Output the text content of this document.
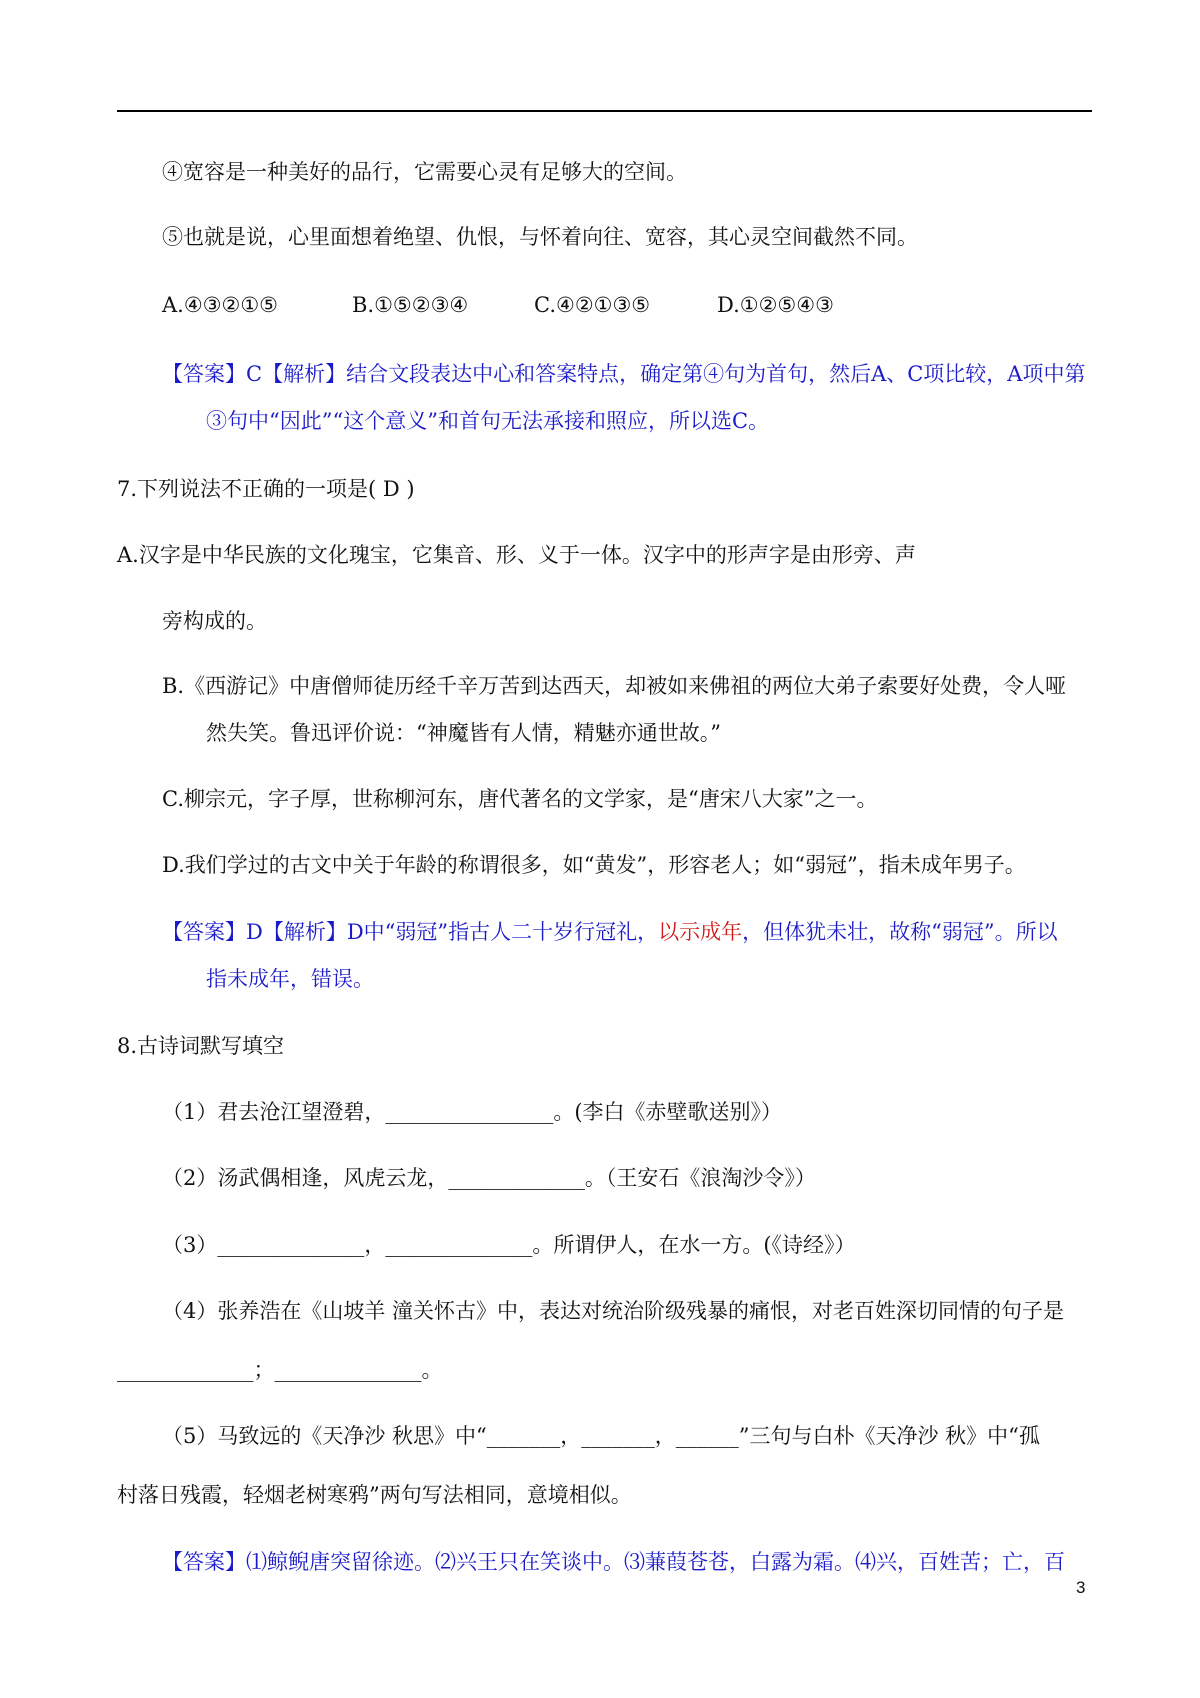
④宽容是一种美好的品行，它需要心灵有足够大的空间。
⑤也就是说，心里面想着绝望、仇恨，与怀着向往、宽容，其心灵空间截然不同。
A.④③②①⑤	B.①⑤②③④	C.④②①③⑤	D.①②⑤④③
【答案】C【解析】结合文段表达中心和答案特点，确定第④句为首句，然后A、C项比较，A项中第
③句中“因此”“这个意义”和首句无法承接和照应，所以选C。
7.下列说法不正确的一项是( D )
A.汉字是中华民族的文化瑰宝，它集音、形、义于一体。汉字中的形声字是由形旁、声
旁构成的。
B.《西游记》中唐僧师徒历经千辛万苦到达西天，却被如来佛祖的两位大弟子索要好处费，令人哑
然失笑。鲁迅评价说：“神魔皆有人情，精魅亦通世故。”
C.柳宗元，字子厚，世称柳河东，唐代著名的文学家，是“唐宋八大家”之一。
D.我们学过的古文中关于年龄的称谓很多，如“黄发”，形容老人；如“弱冠”，指未成年男子。
【答案】D【解析】D中“弱冠”指古人二十岁行冠礼，以示成年，但体犹未壮，故称“弱冠”。所以
指未成年，错误。
8.古诗词默写填空
（1）君去沧江望澄碧，________________。(李白《赤壁歌送别》）
（2）汤武偶相逢，风虎云龙，_____________。（王安石《浪淘沙令》）
（3）______________，______________。所谓伊人，在水一方。(《诗经》）
（4）张养浩在《山坡羊 潼关怀古》中，表达对统治阶级残暴的痛恨，对老百姓深切同情的句子是
_____________；______________。
（5）马致远的《天净沙 秋思》中“_______，_______，______”三句与白朴《天净沙 秋》中“孤
村落日残霞，轻烟老树寒鸦”两句写法相同，意境相似。
【答案】⑴鲸鲵唐突留徐迹。⑵兴王只在笑谈中。⑶蒹葭苍苍，白露为霜。⑷兴，百姓苦；亡，百
3
